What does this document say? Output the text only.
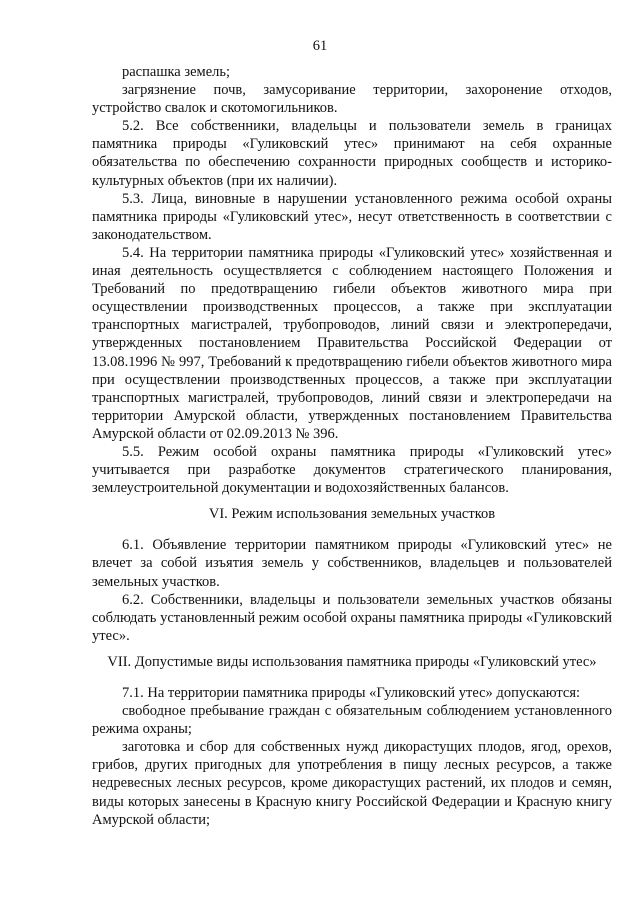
61

распашка земель;

загрязнение почв, замусоривание территории, захоронение отходов, устройство свалок и скотомогильников.

5.2. Все собственники, владельцы и пользователи земель в границах памятника природы «Гуликовский утес» принимают на себя охранные обязательства по обеспечению сохранности природных сообществ и историко-культурных объектов (при их наличии).

5.3. Лица, виновные в нарушении установленного режима особой охраны памятника природы «Гуликовский утес», несут ответственность в соответствии с законодательством.

5.4. На территории памятника природы «Гуликовский утес» хозяйственная и иная деятельность осуществляется с соблюдением настоящего Положения и Требований по предотвращению гибели объектов животного мира при осуществлении производственных процессов, а также при эксплуатации транспортных магистралей, трубопроводов, линий связи и электропередачи, утвержденных постановлением Правительства Российской Федерации от 13.08.1996 № 997, Требований к предотвращению гибели объектов животного мира при осуществлении производственных процессов, а также при эксплуатации транспортных магистралей, трубопроводов, линий связи и электропередачи на территории Амурской области, утвержденных постановлением Правительства Амурской области от 02.09.2013 № 396.

5.5. Режим особой охраны памятника природы «Гуликовский утес» учитывается при разработке документов стратегического планирования, землеустроительной документации и водохозяйственных балансов.

VI. Режим использования земельных участков

6.1. Объявление территории памятником природы «Гуликовский утес» не влечет за собой изъятия земель у собственников, владельцев и пользователей земельных участков.

6.2. Собственники, владельцы и пользователи земельных участков обязаны соблюдать установленный режим особой охраны памятника природы «Гуликовский утес».

VII. Допустимые виды использования памятника природы «Гуликовский утес»

7.1. На территории памятника природы «Гуликовский утес» допускаются:

свободное пребывание граждан с обязательным соблюдением установленного режима охраны;

заготовка и сбор для собственных нужд дикорастущих плодов, ягод, орехов, грибов, других пригодных для употребления в пищу лесных ресурсов, а также недревесных лесных ресурсов, кроме дикорастущих растений, их плодов и семян, виды которых занесены в Красную книгу Российской Федерации и Красную книгу Амурской области;
